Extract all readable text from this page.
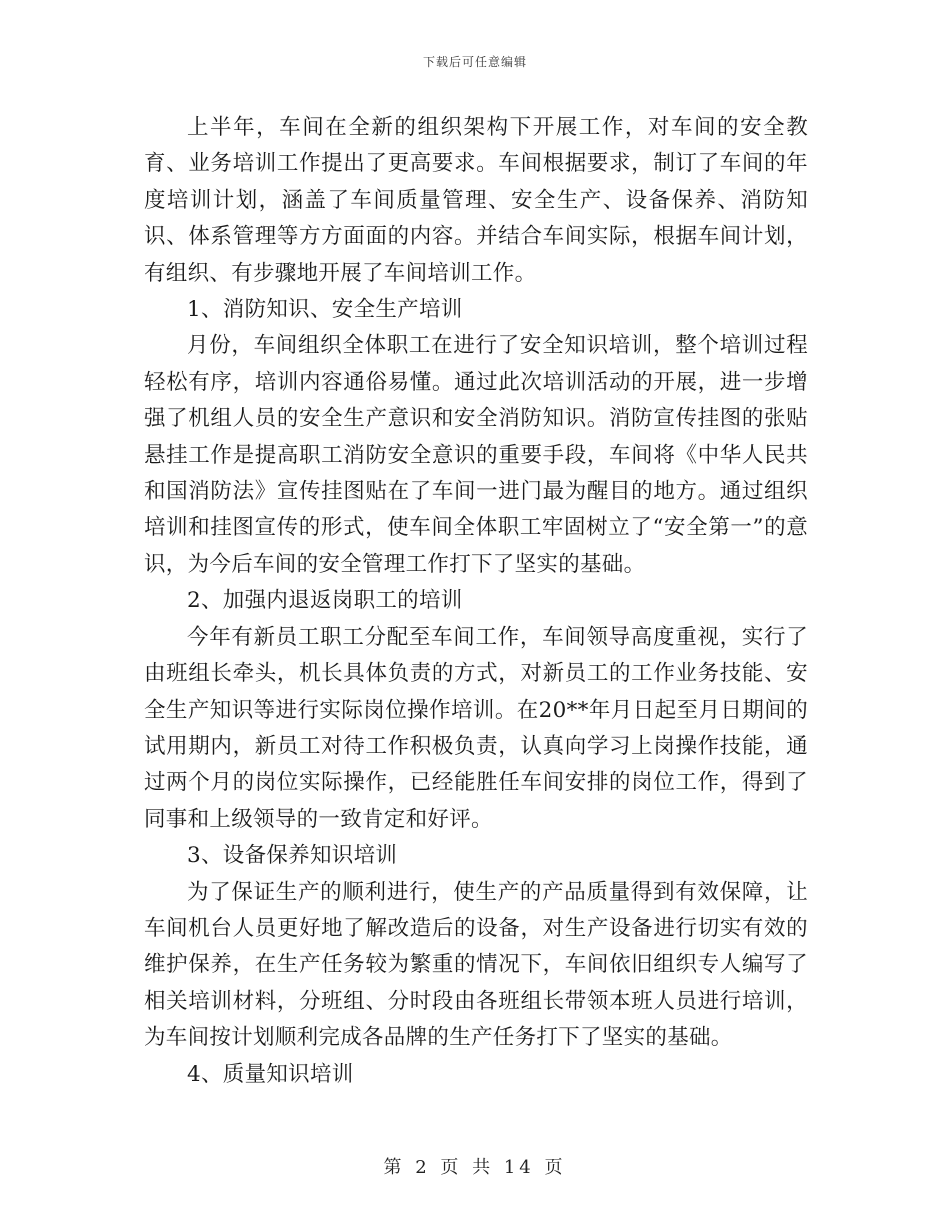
下载后可任意编辑

上半年，车间在全新的组织架构下开展工作，对车间的安全教育、业务培训工作提出了更高要求。车间根据要求，制订了车间的年度培训计划，涵盖了车间质量管理、安全生产、设备保养、消防知识、体系管理等方方面面的内容。并结合车间实际，根据车间计划，有组织、有步骤地开展了车间培训工作。

1、消防知识、安全生产培训

月份，车间组织全体职工在进行了安全知识培训，整个培训过程轻松有序，培训内容通俗易懂。通过此次培训活动的开展，进一步增强了机组人员的安全生产意识和安全消防知识。消防宣传挂图的张贴悬挂工作是提高职工消防安全意识的重要手段，车间将《中华人民共和国消防法》宣传挂图贴在了车间一进门最为醒目的地方。通过组织培训和挂图宣传的形式，使车间全体职工牢固树立了“安全第一”的意识，为今后车间的安全管理工作打下了坚实的基础。

2、加强内退返岗职工的培训

今年有新员工职工分配至车间工作，车间领导高度重视，实行了由班组长牵头，机长具体负责的方式，对新员工的工作业务技能、安全生产知识等进行实际岗位操作培训。在20**年月日起至月日期间的试用期内，新员工对待工作积极负责，认真向学习上岗操作技能，通过两个月的岗位实际操作，已经能胜任车间安排的岗位工作，得到了同事和上级领导的一致肯定和好评。

3、设备保养知识培训

为了保证生产的顺利进行，使生产的产品质量得到有效保障，让车间机台人员更好地了解改造后的设备，对生产设备进行切实有效的维护保养，在生产任务较为繁重的情况下，车间依旧组织专人编写了相关培训材料，分班组、分时段由各班组长带领本班人员进行培训，为车间按计划顺利完成各品牌的生产任务打下了坚实的基础。

4、质量知识培训

第 2 页 共 14 页
